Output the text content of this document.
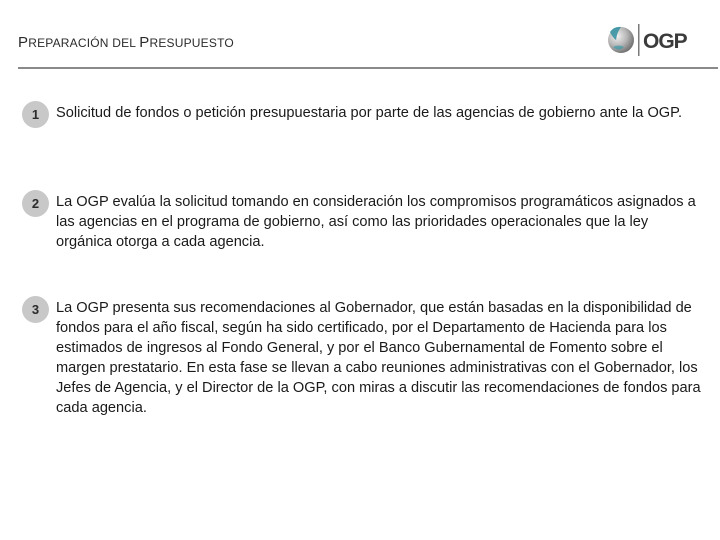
PREPARACIÓN DEL PRESUPUESTO	OGP
1	Solicitud de fondos o petición presupuestaria por parte de las agencias de gobierno ante la OGP.
2	La OGP evalúa la solicitud tomando en consideración los compromisos programáticos asignados a las agencias en el programa de gobierno, así como las prioridades operacionales que la ley orgánica otorga a cada agencia.
3	La OGP presenta sus recomendaciones al Gobernador, que están basadas en la disponibilidad de fondos para el año fiscal, según ha sido certificado, por el Departamento de Hacienda para los estimados de ingresos al Fondo General, y por el Banco Gubernamental de Fomento sobre el margen prestatario. En esta fase se llevan a cabo reuniones administrativas con el Gobernador, los Jefes de Agencia, y el Director de la OGP, con miras a discutir las recomendaciones de fondos para cada agencia.
